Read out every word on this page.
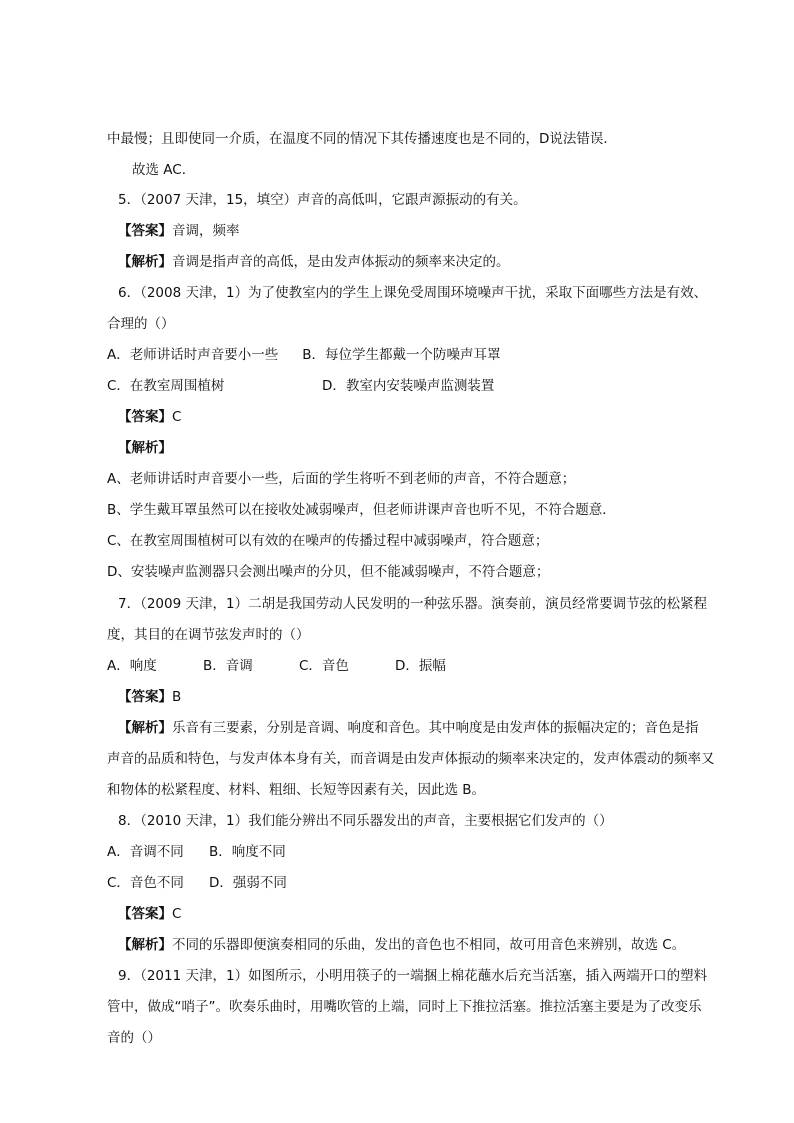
中最慢；且即使同一介质，在温度不同的情况下其传播速度也是不同的，D说法错误．
故选 AC．
5．（2007 天津，15，填空）声音的高低叫，它跟声源振动的有关。
【答案】音调，频率
【解析】音调是指声音的高低，是由发声体振动的频率来决定的。
6．（2008 天津，1）为了使教室内的学生上课免受周围环境噪声干扰，采取下面哪些方法是有效、
合理的（）
A．老师讲话时声音要小一些 B．每位学生都戴一个防噪声耳罩
C．在教室周围植树	D．教室内安装噪声监测装置
【答案】C
【解析】
A、老师讲话时声音要小一些，后面的学生将听不到老师的声音，不符合题意；
B、学生戴耳罩虽然可以在接收处减弱噪声，但老师讲课声音也听不见，不符合题意．
C、在教室周围植树可以有效的在噪声的传播过程中减弱噪声，符合题意；
D、安装噪声监测器只会测出噪声的分贝，但不能减弱噪声，不符合题意；
7．（2009 天津，1）二胡是我国劳动人民发明的一种弦乐器。演奏前，演员经常要调节弦的松紧程
度，其目的在调节弦发声时的（）
A．响度	B．音调	C．音色	D．振幅
【答案】B
【解析】乐音有三要素，分别是音调、响度和音色。其中响度是由发声体的振幅决定的；音色是指
声音的品质和特色，与发声体本身有关，而音调是由发声体振动的频率来决定的，发声体震动的频率又
和物体的松紧程度、材料、粗细、长短等因素有关，因此选 B。
8．（2010 天津，1）我们能分辨出不同乐器发出的声音，主要根据它们发声的（）
A．音调不同 B．响度不同
C．音色不同 D．强弱不同
【答案】C
【解析】不同的乐器即便演奏相同的乐曲，发出的音色也不相同，故可用音色来辨别，故选 C。
9．（2011 天津，1）如图所示，小明用筷子的一端捆上棉花蘸水后充当活塞，插入两端开口的塑料
管中，做成“哨子”。吹奏乐曲时，用嘴吹管的上端，同时上下推拉活塞。推拉活塞主要是为了改变乐
音的（）
